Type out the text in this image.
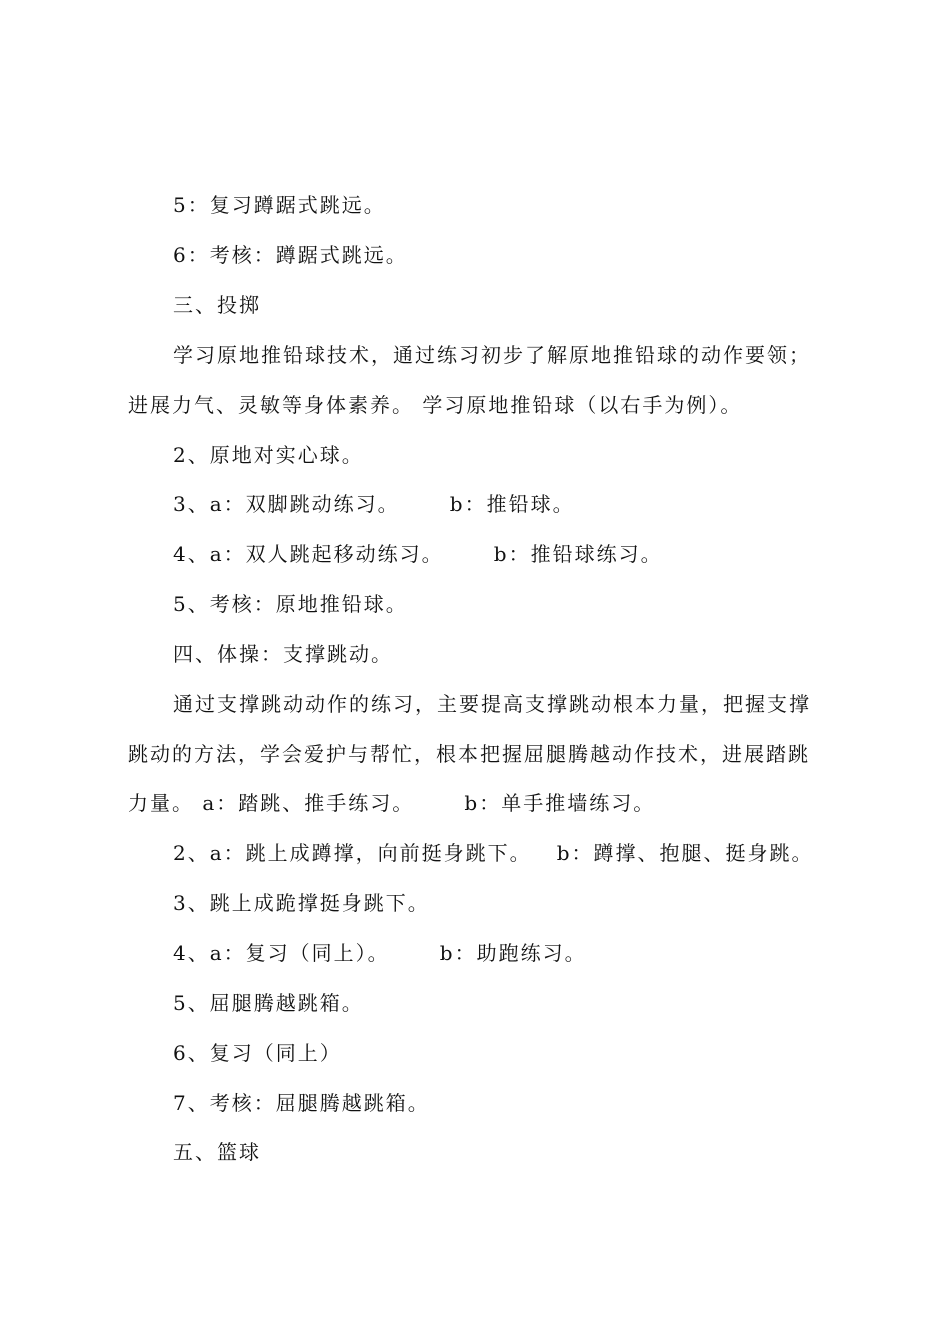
5：复习蹲踞式跳远。
6：考核：蹲踞式跳远。
三、投掷
学习原地推铅球技术，通过练习初步了解原地推铅球的动作要领；
进展力气、灵敏等身体素养。 学习原地推铅球（以右手为例）。
2、原地对实心球。
3、a：双脚跳动练习。      b：推铅球。
4、a：双人跳起移动练习。      b：推铅球练习。
5、考核：原地推铅球。
四、体操：支撑跳动。
通过支撑跳动动作的练习，主要提高支撑跳动根本力量，把握支撑
跳动的方法，学会爱护与帮忙，根本把握屈腿腾越动作技术，进展踏跳
力量。 a：踏跳、推手练习。      b：单手推墙练习。
2、a：跳上成蹲撑，向前挺身跳下。   b：蹲撑、抱腿、挺身跳。
3、跳上成跪撑挺身跳下。
4、a：复习（同上）。      b：助跑练习。
5、屈腿腾越跳箱。
6、复习（同上）
7、考核：屈腿腾越跳箱。
五、篮球
